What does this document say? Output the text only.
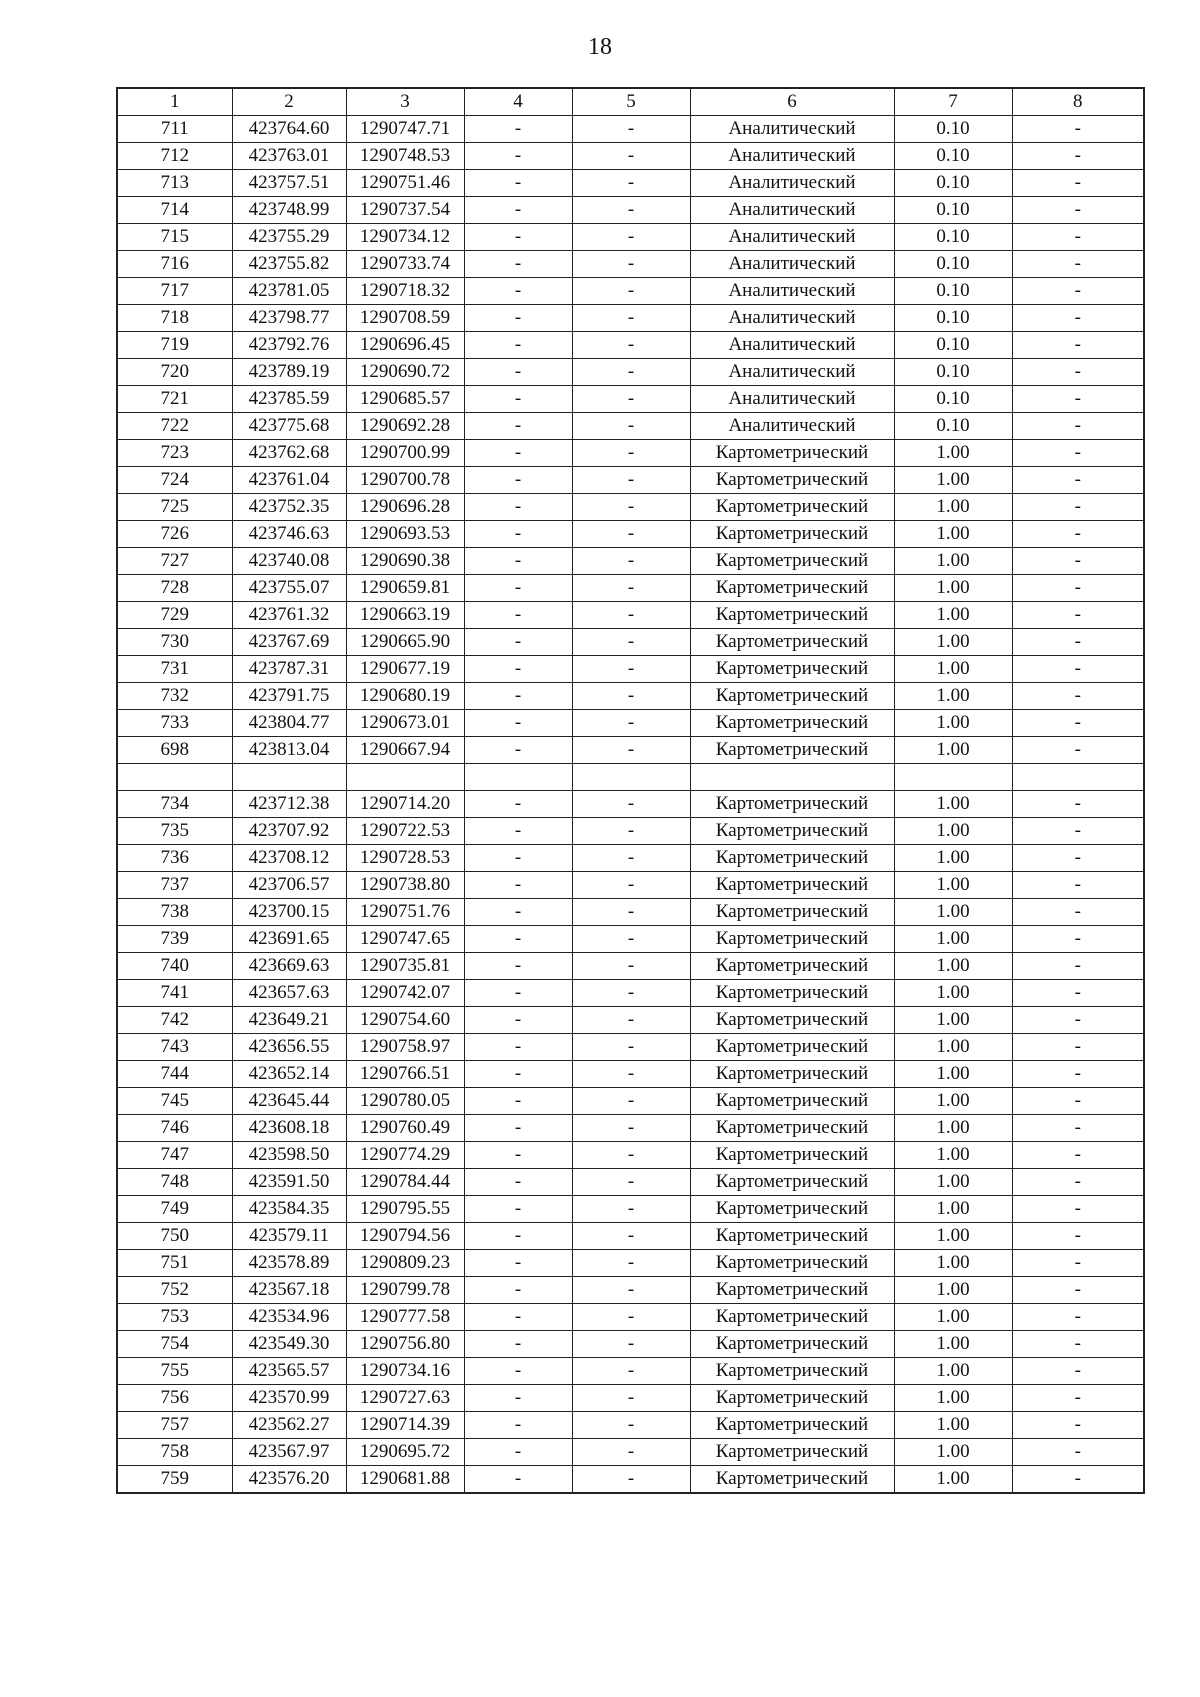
18
1	2	3	4	5	6	7	8
711	423764.60	1290747.71	-	-	Аналитический	0.10	-
712	423763.01	1290748.53	-	-	Аналитический	0.10	-
713	423757.51	1290751.46	-	-	Аналитический	0.10	-
714	423748.99	1290737.54	-	-	Аналитический	0.10	-
715	423755.29	1290734.12	-	-	Аналитический	0.10	-
716	423755.82	1290733.74	-	-	Аналитический	0.10	-
717	423781.05	1290718.32	-	-	Аналитический	0.10	-
718	423798.77	1290708.59	-	-	Аналитический	0.10	-
719	423792.76	1290696.45	-	-	Аналитический	0.10	-
720	423789.19	1290690.72	-	-	Аналитический	0.10	-
721	423785.59	1290685.57	-	-	Аналитический	0.10	-
722	423775.68	1290692.28	-	-	Аналитический	0.10	-
723	423762.68	1290700.99	-	-	Картометрический	1.00	-
724	423761.04	1290700.78	-	-	Картометрический	1.00	-
725	423752.35	1290696.28	-	-	Картометрический	1.00	-
726	423746.63	1290693.53	-	-	Картометрический	1.00	-
727	423740.08	1290690.38	-	-	Картометрический	1.00	-
728	423755.07	1290659.81	-	-	Картометрический	1.00	-
729	423761.32	1290663.19	-	-	Картометрический	1.00	-
730	423767.69	1290665.90	-	-	Картометрический	1.00	-
731	423787.31	1290677.19	-	-	Картометрический	1.00	-
732	423791.75	1290680.19	-	-	Картометрический	1.00	-
733	423804.77	1290673.01	-	-	Картометрический	1.00	-
698	423813.04	1290667.94	-	-	Картометрический	1.00	-

734	423712.38	1290714.20	-	-	Картометрический	1.00	-
735	423707.92	1290722.53	-	-	Картометрический	1.00	-
736	423708.12	1290728.53	-	-	Картометрический	1.00	-
737	423706.57	1290738.80	-	-	Картометрический	1.00	-
738	423700.15	1290751.76	-	-	Картометрический	1.00	-
739	423691.65	1290747.65	-	-	Картометрический	1.00	-
740	423669.63	1290735.81	-	-	Картометрический	1.00	-
741	423657.63	1290742.07	-	-	Картометрический	1.00	-
742	423649.21	1290754.60	-	-	Картометрический	1.00	-
743	423656.55	1290758.97	-	-	Картометрический	1.00	-
744	423652.14	1290766.51	-	-	Картометрический	1.00	-
745	423645.44	1290780.05	-	-	Картометрический	1.00	-
746	423608.18	1290760.49	-	-	Картометрический	1.00	-
747	423598.50	1290774.29	-	-	Картометрический	1.00	-
748	423591.50	1290784.44	-	-	Картометрический	1.00	-
749	423584.35	1290795.55	-	-	Картометрический	1.00	-
750	423579.11	1290794.56	-	-	Картометрический	1.00	-
751	423578.89	1290809.23	-	-	Картометрический	1.00	-
752	423567.18	1290799.78	-	-	Картометрический	1.00	-
753	423534.96	1290777.58	-	-	Картометрический	1.00	-
754	423549.30	1290756.80	-	-	Картометрический	1.00	-
755	423565.57	1290734.16	-	-	Картометрический	1.00	-
756	423570.99	1290727.63	-	-	Картометрический	1.00	-
757	423562.27	1290714.39	-	-	Картометрический	1.00	-
758	423567.97	1290695.72	-	-	Картометрический	1.00	-
759	423576.20	1290681.88	-	-	Картометрический	1.00	-
